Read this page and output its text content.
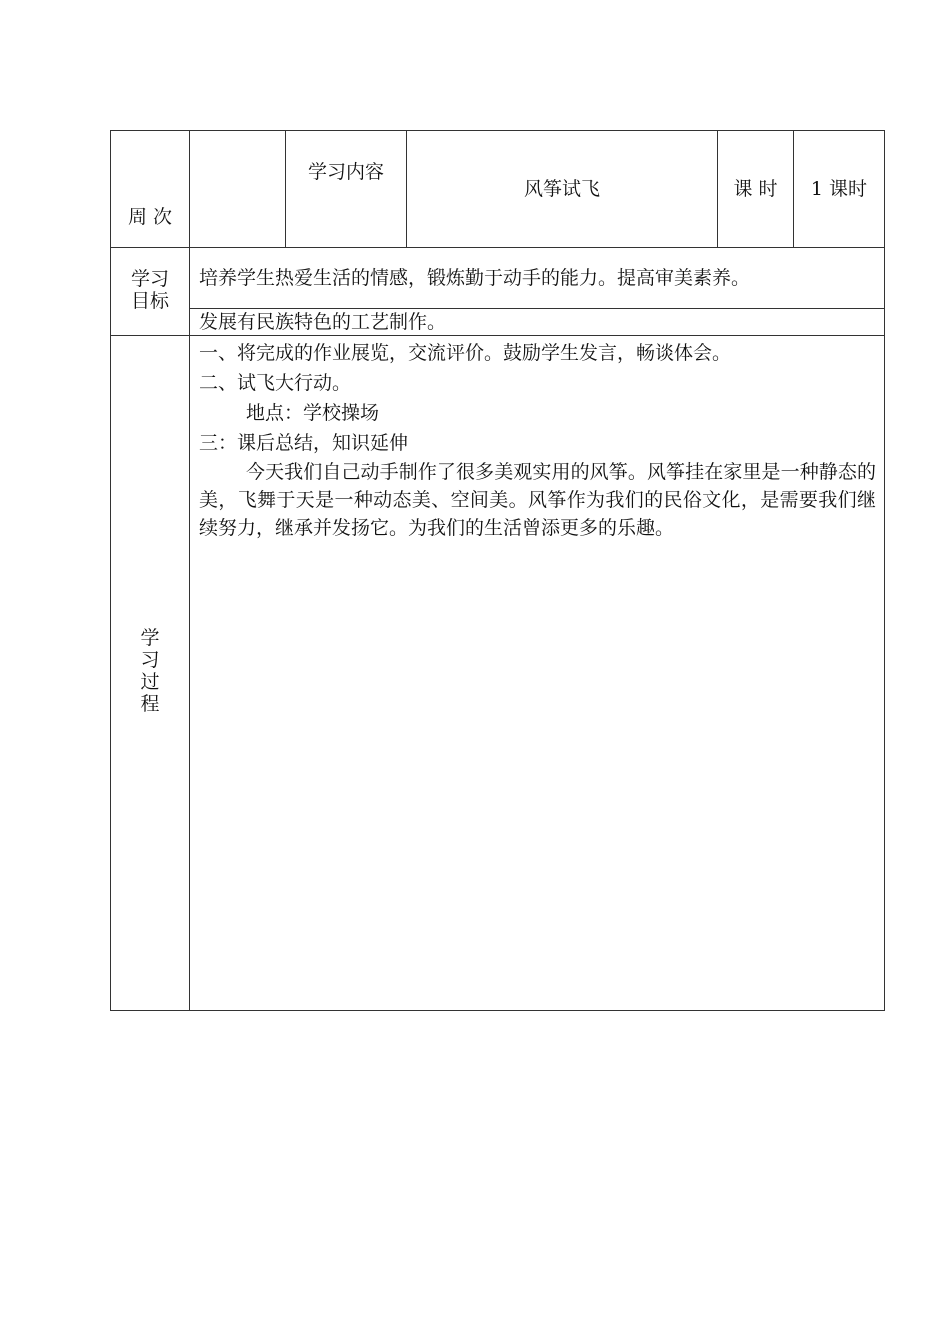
周 次		学习内容	风筝试飞	课 时	1 课时
学习目标	培养学生热爱生活的情感，锻炼勤于动手的能力。提高审美素养。				
	发展有民族特色的工艺制作。				
学习过程	一、将完成的作业展览，交流评价。鼓励学生发言，畅谈体会。

二、试飞大行动。

地点：学校操场

三：课后总结，知识延伸

今天我们自己动手制作了很多美观实用的风筝。风筝挂在家里是一种静态的美，飞舞于天是一种动态美、空间美。风筝作为我们的民俗文化，是需要我们继续努力，继承并发扬它。为我们的生活曾添更多的乐趣。				
